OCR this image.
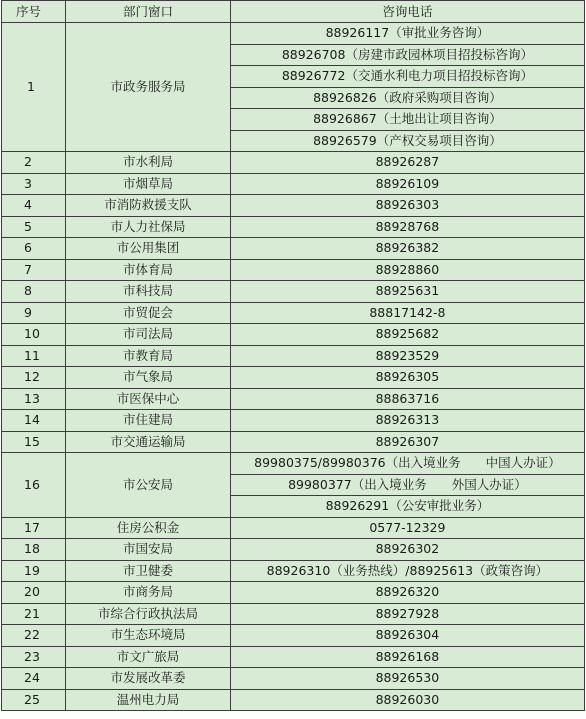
序号	部门窗口	咨询电话
1	市政务服务局	88926117（审批业务咨询）
		88926708（房建市政园林项目招投标咨询）
		88926772（交通水利电力项目招投标咨询）
		88926826（政府采购项目咨询）
		88926867（土地出让项目咨询）
		88926579（产权交易项目咨询）
2	市水利局	88926287
3	市烟草局	88926109
4	市消防救援支队	88926303
5	市人力社保局	88928768
6	市公用集团	88926382
7	市体育局	88928860
8	市科技局	88925631
9	市贸促会	88817142-8
10	市司法局	88925682
11	市教育局	88923529
12	市气象局	88926305
13	市医保中心	88863716
14	市住建局	88926313
15	市交通运输局	88926307
16	市公安局	89980375/89980376（出入境业务　　中国人办证）
		89980377（出入境业务　　外国人办证）
		88926291（公安审批业务）
17	住房公积金	0577-12329
18	市国安局	88926302
19	市卫健委	88926310（业务热线）/88925613（政策咨询）
20	市商务局	88926320
21	市综合行政执法局	88927928
22	市生态环境局	88926304
23	市文广旅局	88926168
24	市发展改革委	88926530
25	温州电力局	88926030
